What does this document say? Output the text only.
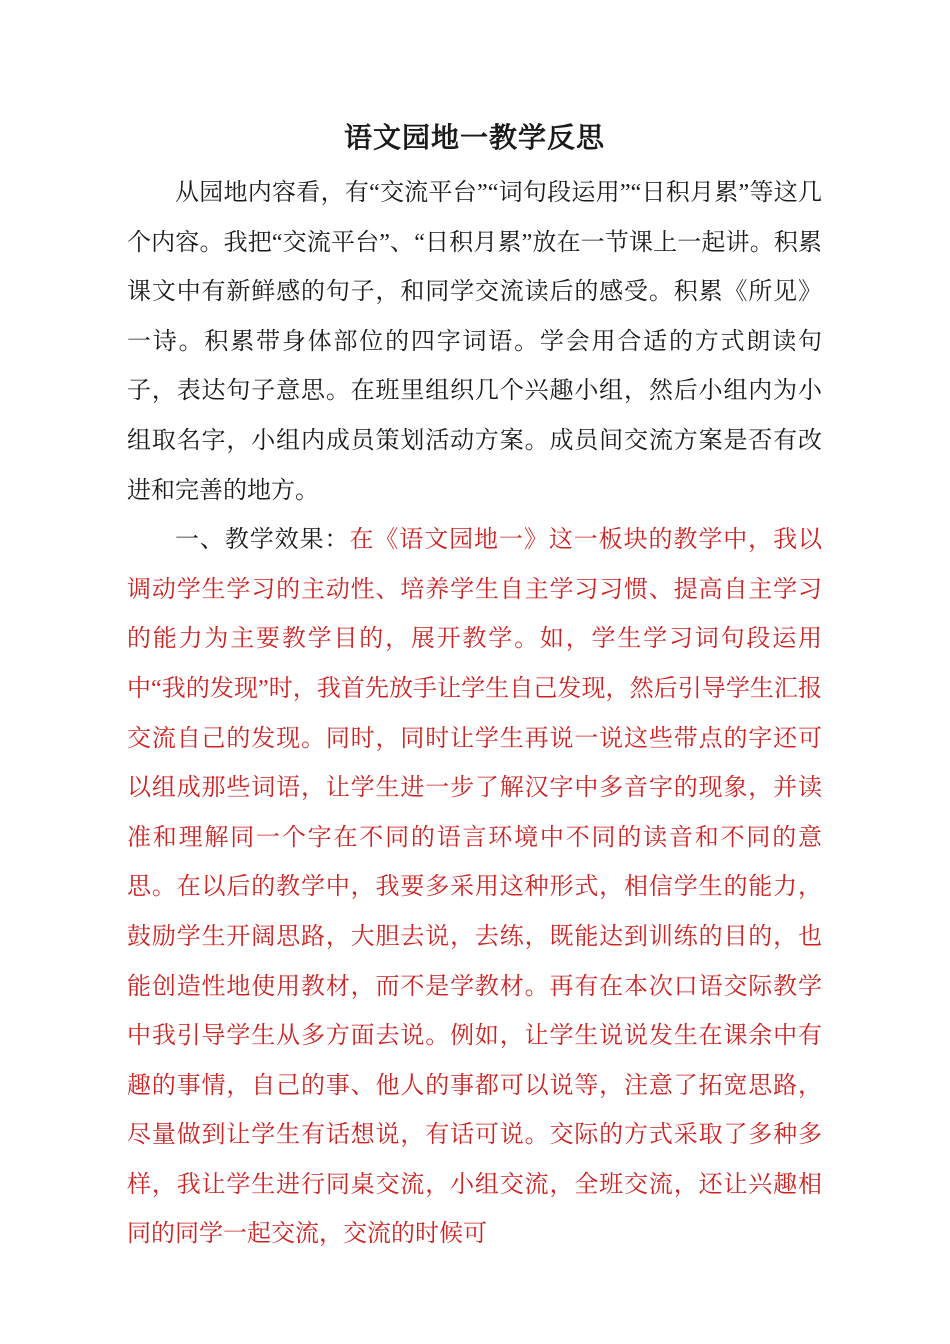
语文园地一教学反思

从园地内容看，有“交流平台”“词句段运用”“日积月累”等这几个内容。我把“交流平台”、“日积月累”放在一节课上一起讲。积累课文中有新鲜感的句子，和同学交流读后的感受。积累《所见》一诗。积累带身体部位的四字词语。学会用合适的方式朗读句子，表达句子意思。在班里组织几个兴趣小组，然后小组内为小组取名字，小组内成员策划活动方案。成员间交流方案是否有改进和完善的地方。

一、教学效果：在《语文园地一》这一板块的教学中，我以调动学生学习的主动性、培养学生自主学习习惯、提高自主学习的能力为主要教学目的，展开教学。如，学生学习词句段运用中“我的发现”时，我首先放手让学生自己发现，然后引导学生汇报交流自己的发现。同时，同时让学生再说一说这些带点的字还可以组成那些词语，让学生进一步了解汉字中多音字的现象，并读准和理解同一个字在不同的语言环境中不同的读音和不同的意思。在以后的教学中，我要多采用这种形式，相信学生的能力，鼓励学生开阔思路，大胆去说，去练，既能达到训练的目的，也能创造性地使用教材，而不是学教材。再有在本次口语交际教学中我引导学生从多方面去说。例如，让学生说说发生在课余中有趣的事情，自己的事、他人的事都可以说等，注意了拓宽思路，尽量做到让学生有话想说，有话可说。交际的方式采取了多种多样，我让学生进行同桌交流，小组交流，全班交流，还让兴趣相同的同学一起交流，交流的时候可
